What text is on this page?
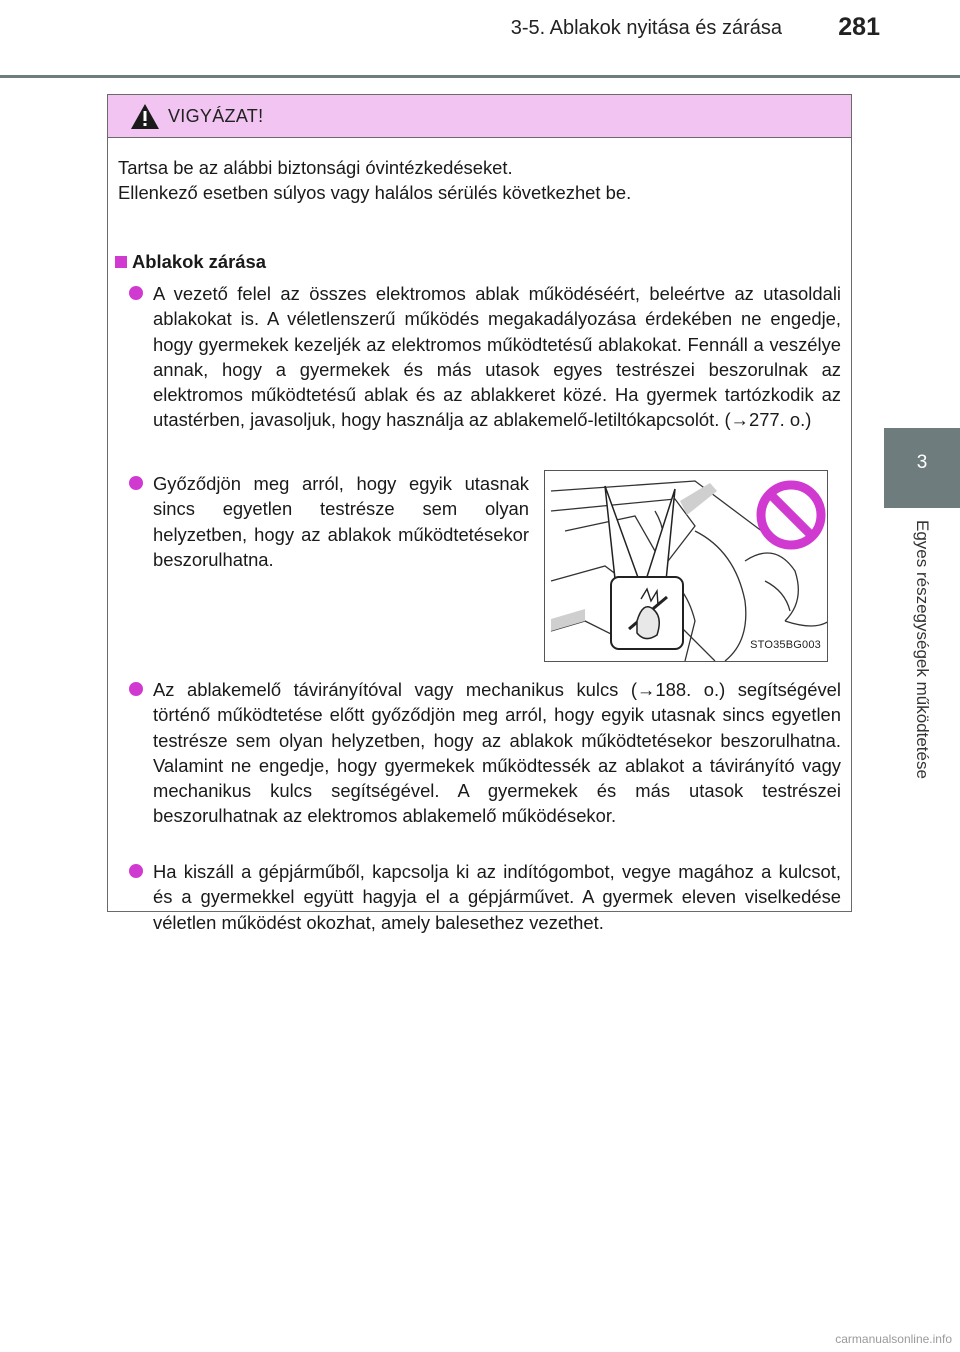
3-5. Ablakok nyitása és zárása 281
3
Egyes részegységek működtetése
VIGYÁZAT!
Tartsa be az alábbi biztonsági óvintézkedéseket.
Ellenkező esetben súlyos vagy halálos sérülés következhet be.
Ablakok zárása
A vezető felel az összes elektromos ablak működéséért, beleértve az utasoldali ablakokat is. A véletlenszerű működés megakadályozása érdekében ne engedje, hogy gyermekek kezeljék az elektromos működtetésű ablakokat. Fennáll a veszélye annak, hogy a gyermekek és más utasok egyes testrészei beszorulnak az elektromos működtetésű ablak és az ablakkeret közé. Ha gyermek tartózkodik az utastérben, javasoljuk, hogy használja az ablakemelő-letiltókapcsolót. (→277. o.)
Győződjön meg arról, hogy egyik utasnak sincs egyetlen testrésze sem olyan helyzetben, hogy az ablakok működtetésekor beszorulhatna.
STO35BG003
Az ablakemelő távirányítóval vagy mechanikus kulcs (→188. o.) segítségével történő működtetése előtt győződjön meg arról, hogy egyik utasnak sincs egyetlen testrésze sem olyan helyzetben, hogy az ablakok működtetésekor beszorulhatna. Valamint ne engedje, hogy gyermekek működtessék az ablakot a távirányító vagy mechanikus kulcs segítségével. A gyermekek és más utasok testrészei beszorulhatnak az elektromos ablakemelő működésekor.
Ha kiszáll a gépjárműből, kapcsolja ki az indítógombot, vegye magához a kulcsot, és a gyermekkel együtt hagyja el a gépjárművet. A gyermek eleven viselkedése véletlen működést okozhat, amely balesethez vezethet.
carmanualsonline.info
